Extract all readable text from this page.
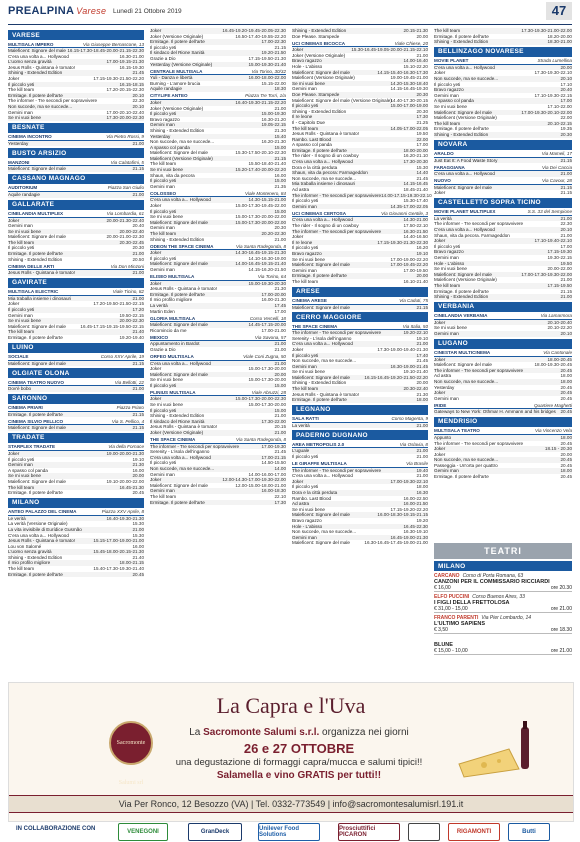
PREALPINA Varese Lunedì 21 Ottobre 2019	47
VARESE
MULTISALA IMPERO	Via Giuseppe Bernascone, 13
Maleficent: Signore del male 16.15-17.30-18.45-20.00-21.15-22.30
C'era una volta a... Hollywood	16.30-21.00
L'uomo senza gravità	17.00-19.15-21.30
Jesus Rolls - Quintana è tornato!	16.15-19.30
Shining - Extended Edition	21.45
Joker	17.15-19.30-21.50-22.20
Il piccolo yeti	16.15-18.15
The kill team	17.20-20.15-22.30
Ermitage. Il potere dell'arte	20.10
The informer - Tre secondi per sopravvivere	22.30
Non succede, ma se succede...	20.10
Gemini man	17.00-20.10-22.40
Se mi vuoi bene	17.30-20.00-22.30
BESNATE
CINEMA INCONTRO	Via Pietro Rossi, 9
Yesterday	21.00
BUSTO ARSIZIO
MANZONI	Via Calatafimi, 5
Maleficent: Signore del male	21.15
CASSANO MAGNAGO
AUDITORIUM	Piazza San Giulio
Aquile randagie	21.00
GALLARATE
CINELANDIA MULTIPLEX	Via Lombardia, 61
Joker	20.00-21.30-22.40
Gemini man	20.40
Se mi vuoi bene	20.00-22.40
Maleficent: Signore del male	20.00-21.00-22.30
The kill team	20.30-22.45
Il piccolo yeti	20.30
Ermitage. Il potere dell'arte	21.00
Shining - Extended Edition	20.50
CINEMA DELLE ARTI	Via Don Minzoni
Jesus Rolls - Quintana è tornato!	21.00
GAVIRATE
MULTISALA ELECTRIC	Viale Ticino, 82
Mia traballa insieme i dinosauri	21.00
Joker	17.20-19.50-21.50-22.15
Il piccolo yeti	17.20
Gemini man	19.50-22.15
Se mi vuoi bene	20.00-22.30
Maleficent: Signore del male	16.45-17.15-19.15-19.50-22.15
The kill team	21.40
Ermitage. Il potere dell'arte	19.20-19.40
LUINO
SOCIALE	Corso XXV Aprile, 19
Maleficent: Signore del male	21.15
OLGIATE OLONA
CINEMA TEATRO NUOVO	Via Bellotti, 22
Dov'è bobo	21.00
SARONNO
CINEMA PRIARI	Piazza Priaro
Ermitage. Il potere dell'arte	21.15
CINEMA SILVIO PELLICO	Via S. Pellico, 4
Maleficent: Signore del male	21.15
TRADATE
STARPLEX TRADATE	Via della Fornace
Joker	19.00-20.00-21.30
Il piccolo yeti	19.10
Gemini man	21.30
A spasso col panda	16.00
Se mi vuoi bene	20.00
Maleficent: Signore del male	19.10-20.00-22.00
The kill team	16.45-21.30
Ermitage. Il potere dell'arte	20.45
MILANO
ANTEO PALAZZO DEL CINEMA	Piazza XXV Aprile, 8
Le verità	16.40-19.30-21.30
La verità (Versione Originale)	15.30
La vita invisibile di Eurídice Gusmão	21.00
C'era una volta a... Hollywood	15.30
Jesus Rolls - Quintana è tornato!	15.15-17.00-19.00-21.00
Lou von Salomé	16.00
L'uomo senza gravità	15.45-18.00-20.15-21.30
Shining - Extended Edition	21.40
Il mio profilo migliore	18.00-21.15
The kill team	15.40-17.30-19.30-21.40
Ermitage. Il potere dell'arte	20.45
Joker	16.45-19.20-19.45-20.05-22.30
Joker (Versione Originale)	16.50-17.40-19.55-22.20
Ermitage. Il potere dell'arte	17.00-22.30
Il piccolo yeti	21.15
Il sindaco del Rione Sanità	19.20-21.50
Grazie a Dio	17.15-19.50-21.30
Yesterday (Versione Originale)	15.00-19.30-21.40
CENTRALE MULTISALA	Via Torino, 30/32
Yuli - Danza e libertà	16.00-18.00-22.00
Burning - L'amore brucia	15.15-22.00
Aquile randagie	18.30
CITYLIFE ANTEO	Piazza Tre Torri, 1/a
Joker	16.40-19.30-21.15-22.20
Joker (Versione Originale)	21.00
Il piccolo yeti	15.00-19.30
Bravo ragazzo	16.30-21.20
Gemini man	19.05-22.15
Shining - Extended Edition	21.30
Yesterday	15.40
Non succede, ma se succede...	16.20-21.30
A spasso col panda	15.00
Maleficent: Signore del male	15.30-17.50-20.10-22.30
Maleficent (Versione Originale)	21.15
The kill team	15.50-18.40-21.40
Se mi vuoi bene	15.20-17.40-20.00-22.20
Shaun, vita da pecora	16.00
Il piccolo yeti	15.00
Gemini man	21.35
COLOSSEO	Viale Montenero, 84
C'era una volta a... Hollywood	14.30-15.15-21.00
Joker	15.00-17.30-19.45-22.00
Il piccolo yeti	15.00
Se mi vuoi bene	15.00-17.30-20.00-22.00
Maleficent: Signore del male	15.00-17.30-20.00-22.00
Gemini man	20.30
The kill team	20.20-22.30
Shining - Extended Edition	21.00
ODEON THE SPACE CINEMA	Via Santa Radegonda, 8
Joker	14.30-16.45-19.15-21.30
Il piccolo yeti	14.10-16.30-19.00
Maleficent: Signore del male	14.00-16.45-19.15-21.40
Gemini man	14.15-16.20-21.50
ELISEO MULTISALA	Via Torino, 64
Joker	15.00-19.30-20.30
Jesus Rolls - Quintana è tornato!	21.30
Ermitage. Il potere dell'arte	17.00-20.00
Il mio profilo migliore	16.00-21.30
La verità	17.45
Martin Eden	17.00
GLORIA MULTISALA	Corso Vercelli, 18
Maleficent: Signore del male	14.45-17.15-20.00
Ricomincio da me	17.00-21.00
MEXICO	Via Savona, 57
Appuntamento in Bardot	21.00
Grazie a Dio	21.00
ORFEO MULTISALA	Viale Coni Zugna, 50
C'era una volta a... Hollywood	21.00
Joker	15.00-17.30-20.00
Maleficent: Signore del male	20.00
Se mi vuoi bene	15.00-17.30-20.00
Il piccolo yeti	15.00
PLINIUS MULTISALA	Viale Abruzzi, 28
Joker	15.00-17.30-20.00-22.30
Se mi vuoi bene	15.00-17.30-20.00
Il piccolo yeti	15.00
Shining - Extended Edition	21.00
Il sindaco del Rione Sanità	17.30-22.00
Jesus Rolls - Quintana è tornato!	20.15
Joker (Versione Originale)	21.00
THE SPACE CINEMA	Via Santa Radegonda, 8
The informer - Tre secondi per sopravvivere	17.00-19.30
Serenity - L'isola dell'inganno	21.45
C'era una volta a... Hollywood	17.00-21.15
Il piccolo yeti	14.50-15.50
Non succede, ma se succede...	14.00
Gemini man	14.00-16.00-17.00
Joker	12.00-14.30-17.00-19.30-22.00
Maleficent: Signore del male	12.00-15.00-18.00-21.00
Gemini man	16.00-18.30
The kill team	22.10
Ermitage. Il potere dell'arte	17.30
Shining - Extended Edition	20.15-21.30
Doe Please. Stampede	20.00
UCI CINEMAS BICOCCA	Viale Chiese, 20
Joker	15.30-16.45-19.05-20.00-21.15-22.10
Joker (Versione Originale)	21.00
Bravo ragazzo	14.00-16.40
Hole - L'abisso	15.10-22.20
Maleficent: Signore del male	14.15-15.40-16.30-17.30
Maleficent (Versione Originale)	19.00-19.45-21.00
Se mi vuoi bene	14.20-15.30-18.40
Gemini man	14.15-16.45-19.30
Doe Please. Stampede	20.30
Maleficent: Signore del male (Versione Originale)
14.40-17.30-20.15
Il piccolo yeti	15.00-17.00-19.00
Shining - Extended Edition	20.30
Il re leone	17.30
Il - Capitolo Due	21.25
The kill team	14.05-17.00-22.05
Jesus Rolls - Quintana è tornato!	19.50
Rambo. Last Blood	22.00
A spasso col panda	17.00
Ermitage. Il potere dell'arte	18.00-20.00
The rider - Il sogno di un cowboy	16.20-21.10
C'era una volta a... Hollywood	17.30-20.30
Dora e la città perduta	15.30
Shaun, vita da pecora: Farmageddon	14.40
Non succede, ma se succede...	21.45
Mia traballa insieme i dinosauri	14.15-16.45
Ad astra	18.45-21.40
The informer - Tre secondi per sopravvivere 14.00-17.15-19.30-22.10
Il piccolo yeti	15.30-17.40
Gemini man	14.35-17.00-22.05
UCI CINEMAS CERTOSA	Via Giovanni Gentile, 3
C'era una volta a... Hollywood	14.30-21.00
The rider - Il sogno di un cowboy	17.50-22.10
The informer - Tre secondi per sopravvivere	16.30-21.50
Joker	14.40-16.50
Il re leone	17.15-19.30-21.30-22.30
Il piccolo yeti	16.20
Bravo ragazzo	19.10
Se mi vuoi bene	17.00-19.00-22.20
Maleficent: Signore del male	17.00-19.45-22.20
Gemini man	17.00-19.50
Ermitage. Il potere dell'arte	20.00
The kill team	16.10-21.40
ARESE
CINEMA ARESE	Via Caduti, 75
Maleficent: Signore del male	21.15
CERRO MAGGIORE
THE SPACE CINEMA	Via Italia, 50
The informer - Tre secondi per sopravvivere	19.20-22.10
Serenity - L'isola dell'inganno	19.10
C'era una volta a... Hollywood	21.00
Joker	17.30-19.00-19.40-21.30
Il piccolo yeti	17.40
Non succede, ma se succede...	21.45
Gemini man	16.30-19.00-21.45
Se mi vuoi bene	19.10-21.40
Maleficent: Signore del male	16.15-16.45-19.20-21.50-22.20
Shining - Extended Edition	20.00
The kill team	20.30-22.40
Jesus Rolls - Quintana è tornato!	21.30
Ermitage. Il potere dell'arte	18.00
LEGNANO
SALA RATTI	Corso Magenta, 9
La verità	21.00
PADERNO DUGNANO
AREA METROPOLIS 2.0	Via Oslavia, 8
L'uguale	21.00
Il piccolo yeti	21.00
LE GIRAFFE MULTISALA	Via Brasile
The informer - Tre secondi per sopravvivere	19.40
C'era una volta a... Hollywood	21.00
Joker	17.00-19.30-22.10
Il piccolo yeti	18.00
Dora e la città perduta	16.30
Rambo. Last Blood	16.00-22.50
Ad astra	16.00-21.50
Se mi vuoi bene	17.15-19.20-22.20
Maleficent: Signore del male	16.00-18.30-19.15-21.15
Bravo ragazzo	19.20
Hole - L'abisso	16.45-22.30
Non succede, ma se succede...	16.30-19.10
Gemini man	16.45-19.00-21.30
Maleficent: Signore del male	16.30-16.45-17.45-19.00-21.00
The kill team	17.30-19.30-21.00-22.00
Ermitage. Il potere dell'arte	18.20-20.00
Shining - Extended Edition	18.30-21.00
BELLINZAGO NOVARESE
MOVIE PLANET	Strada Lumellina
C'era una volta a... Hollywood	20.00
Joker	17.30-19.30-22.10
Non succede, ma se succede...	20.10
Il piccolo yeti	17.10
Bravo ragazzo	20.40
Gemini man	17.10-19.30-22.15
A spasso col panda	17.00
Se mi vuoi bene	17.10-22.00
Maleficent: Signore del male	17.00-19.30-20.10-22.00
Maleficent (Versione Originale)	22.00
The kill team	20.10-22.15
Ermitage. Il potere dell'arte	19.35
Shining - Extended Edition	20.30
NOVARA
ARALDO	Via Mameli, 17
Just Eat It: A Food Waste Story	21.15
FARAGGIANA	Via Dei Caccia
C'era una volta a... Hollywood	21.00
NUOVO	Via Cavour, 28
Maleficent: Signore del male	21.15
Joker	21.15
CASTELLETTO SOPRA TICINO
MOVIE PLANET MULTIPLEX	S.S. 33 del Sempione
La verità	21.00
The informer - Tre secondi per sopravvivere	22.30
C'era una volta a... Hollywood	20.10
Shaun, vita da pecora. Farmageddon	21.00
Joker	17.10-19.40-22.10
Il piccolo yeti	17.00
Bravo ragazzo	17.15-19.30
Gemini man	19.30-22.15
Hole - L'abisso	19.50
Se mi vuoi bene	20.00-22.00
Maleficent: Signore del male	17.00-17.30-19.30-22.00
Maleficent (Versione Originale)	21.00
The kill team	17.15-19.50
Ermitage. Il potere dell'arte	21.15
Shining - Extended Edition	21.00
VERBANIA
CINELANDIA VERBANIA	Via Lamarmora
Joker	20.10-20.40
Se mi vuoi bene	20.10-22.20
Gemini man	20.10
LUGANO
CINESTAR MULTICINEMA	Via Cantonale
Joker	18.00-20.45
Maleficent: Signore del male	18.00-19.30-20.45
The informer - Tre secondi per sopravvivere	20.45
Ad astra	18.00
Non succede, ma se succede...	18.00
Yesterday	20.45
Joker	20.45
Gemini man	20.45
IRIDE	Quartiere Maghetti
Gateways to New York: Othmar H. Ammann and his bridges 20.45
MENDRISIO
MULTISALA TEATRO	Via Vincenzo Vela
Appunto	18.00
The informer - Tre secondi per sopravvivere	20.45
Joker	18.15 - 20.30
Joker	20.00
Non succede, ma se succede...	20.45
Passeggia - Un'orta per quattro	20.45
Gemini man	18.00
Ermitage. Il potere dell'arte	20.45
TEATRI
MILANO
CARCANO Corso di Porta Romana, 63
CANZONI PER IL COMMISSARIO RICCIARDI
€ 16,00	ore 20.30
ELFO PUCCINI Corso Buenos Aires, 33
I FIGLI DELLA FRETTOLOSA
€ 31,00 - 15,00	ore 21.00
FRANCO PARENTI Via Pier Lombardo, 14
L'ULTIMO SAPIENS
€ 3,50	ore 18.30
BLUNE
€ 15,00 - 10,00	ore 21.00
La Capra e l'Uva
Sacromonte Salumi srl
La Sacromonte Salumi s.r.l. organizza nei giorni
26 e 27 OTTOBRE
una degustazione di formaggi capra/mucca e salumi tipici!!
Salamella e vino GRATIS per tutti!!
Via Per Ronco, 12 Besozzo (VA) | Tel. 0332-773549 | info@sacromontesalumisrl.191.it
IN COLLABORAZIONE CON	VENEGONI	GranDeck	Unilever Food Solutions
Prosciuttifici PICARON	RIGAMONTI	Butti
